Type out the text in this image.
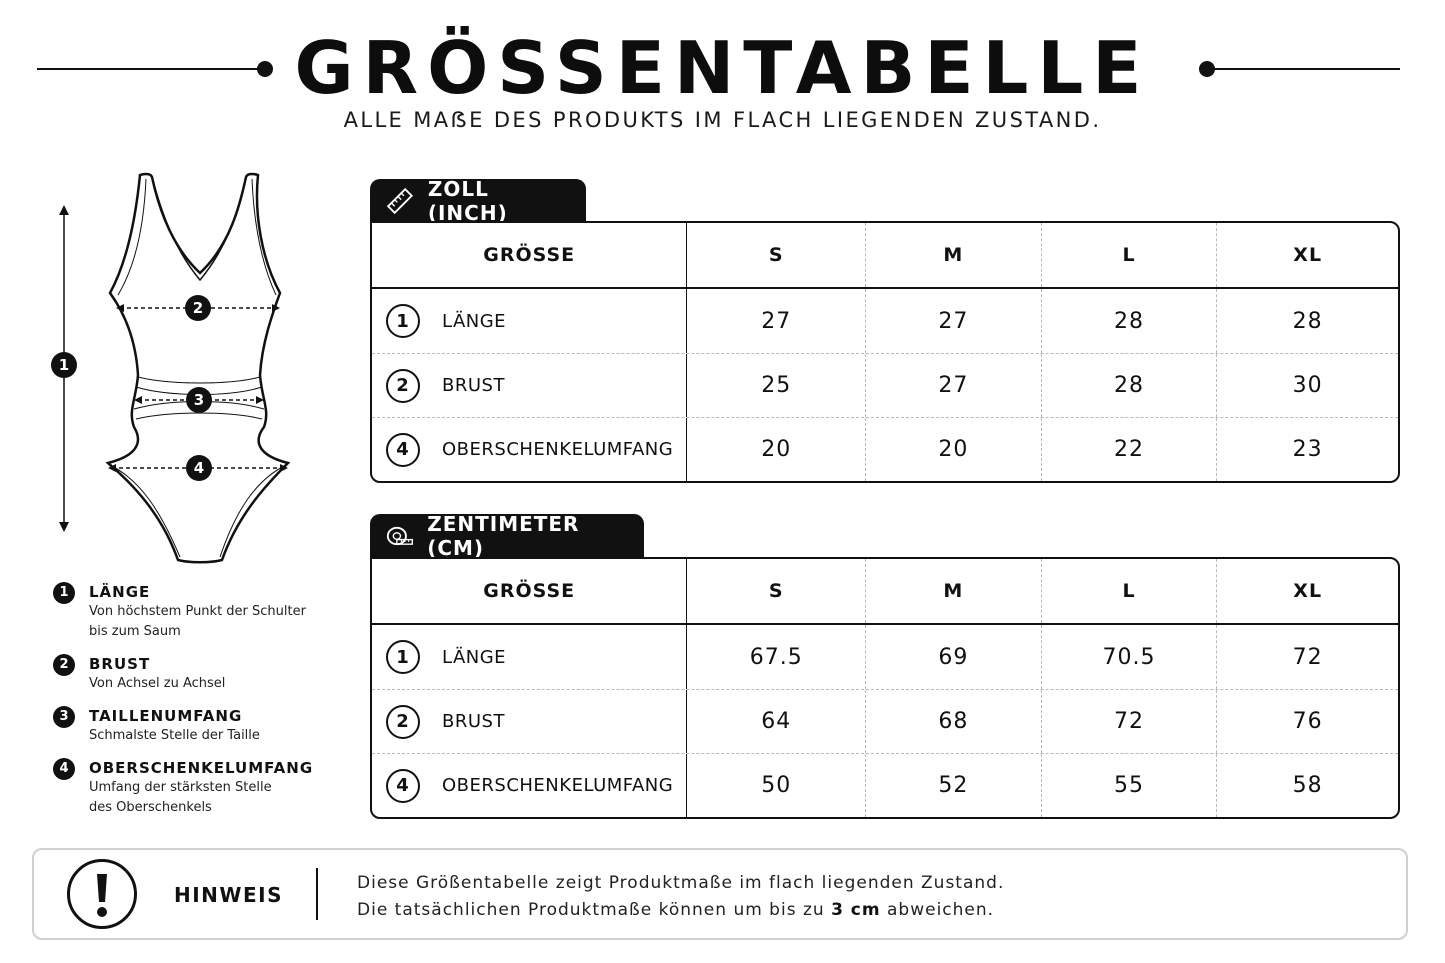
GRÖSSENTABELLE
ALLE MAẞE DES PRODUKTS IM FLACH LIEGENDEN ZUSTAND.
1
2
3
4
1	LÄNGE
Von höchstem Punkt der Schulter
bis zum Saum
2	BRUST
Von Achsel zu Achsel
3	TAILLENUMFANG
Schmalste Stelle der Taille
4	OBERSCHENKELUMFANG
Umfang der stärksten Stelle
des Oberschenkels
ZOLL (INCH)
GRÖSSE	S	M	L	XL
1	LÄNGE	27	27	28	28
2	BRUST	25	27	28	30
4	OBERSCHENKELUMFANG	20	20	22	23
ZENTIMETER (CM)
GRÖSSE	S	M	L	XL
1	LÄNGE	67.5	69	70.5	72
2	BRUST	64	68	72	76
4	OBERSCHENKELUMFANG	50	52	55	58
HINWEIS	Diese Größentabelle zeigt Produktmaße im flach liegenden Zustand.
Die tatsächlichen Produktmaße können um bis zu 3 cm abweichen.
